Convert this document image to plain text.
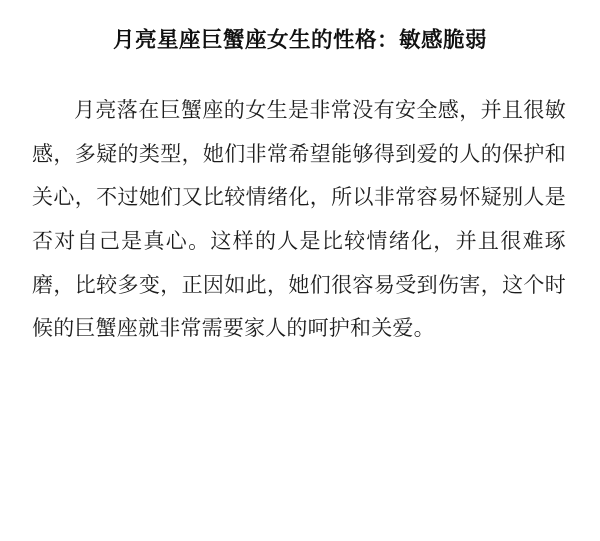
月亮星座巨蟹座女生的性格：敏感脆弱

月亮落在巨蟹座的女生是非常没有安全感，并且很敏感，多疑的类型，她们非常希望能够得到爱的人的保护和关心，不过她们又比较情绪化，所以非常容易怀疑别人是否对自己是真心。这样的人是比较情绪化，并且很难琢磨，比较多变，正因如此，她们很容易受到伤害，这个时候的巨蟹座就非常需要家人的呵护和关爱。
